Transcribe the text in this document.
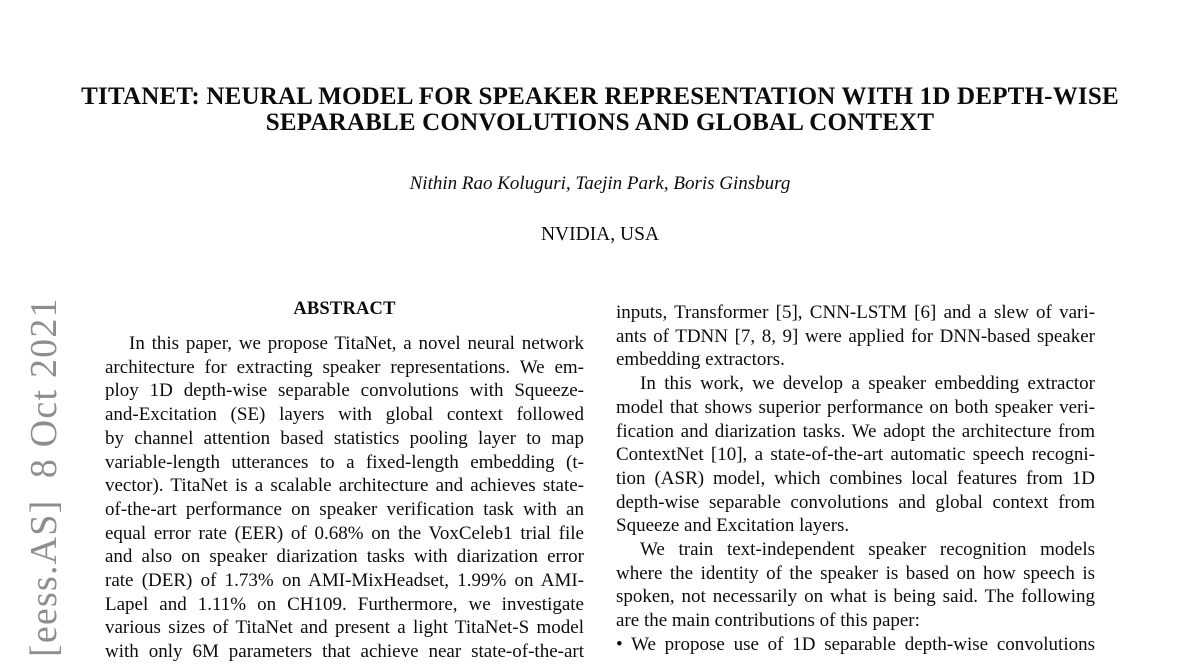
[eess.AS]  8 Oct 2021
TITANET: NEURAL MODEL FOR SPEAKER REPRESENTATION WITH 1D DEPTH-WISE
SEPARABLE CONVOLUTIONS AND GLOBAL CONTEXT
Nithin Rao Koluguri, Taejin Park, Boris Ginsburg
NVIDIA, USA
ABSTRACT
In this paper, we propose TitaNet, a novel neural network
architecture for extracting speaker representations. We em-
ploy 1D depth-wise separable convolutions with Squeeze-
and-Excitation (SE) layers with global context followed
by channel attention based statistics pooling layer to map
variable-length utterances to a fixed-length embedding (t-
vector). TitaNet is a scalable architecture and achieves state-
of-the-art performance on speaker verification task with an
equal error rate (EER) of 0.68% on the VoxCeleb1 trial file
and also on speaker diarization tasks with diarization error
rate (DER) of 1.73% on AMI-MixHeadset, 1.99% on AMI-
Lapel and 1.11% on CH109. Furthermore, we investigate
various sizes of TitaNet and present a light TitaNet-S model
with only 6M parameters that achieve near state-of-the-art
inputs, Transformer [5], CNN-LSTM [6] and a slew of vari-
ants of TDNN [7, 8, 9] were applied for DNN-based speaker
embedding extractors.
In this work, we develop a speaker embedding extractor
model that shows superior performance on both speaker veri-
fication and diarization tasks. We adopt the architecture from
ContextNet [10], a state-of-the-art automatic speech recogni-
tion (ASR) model, which combines local features from 1D
depth-wise separable convolutions and global context from
Squeeze and Excitation layers.
We train text-independent speaker recognition models
where the identity of the speaker is based on how speech is
spoken, not necessarily on what is being said. The following
are the main contributions of this paper:
• We propose use of 1D separable depth-wise convolutions
